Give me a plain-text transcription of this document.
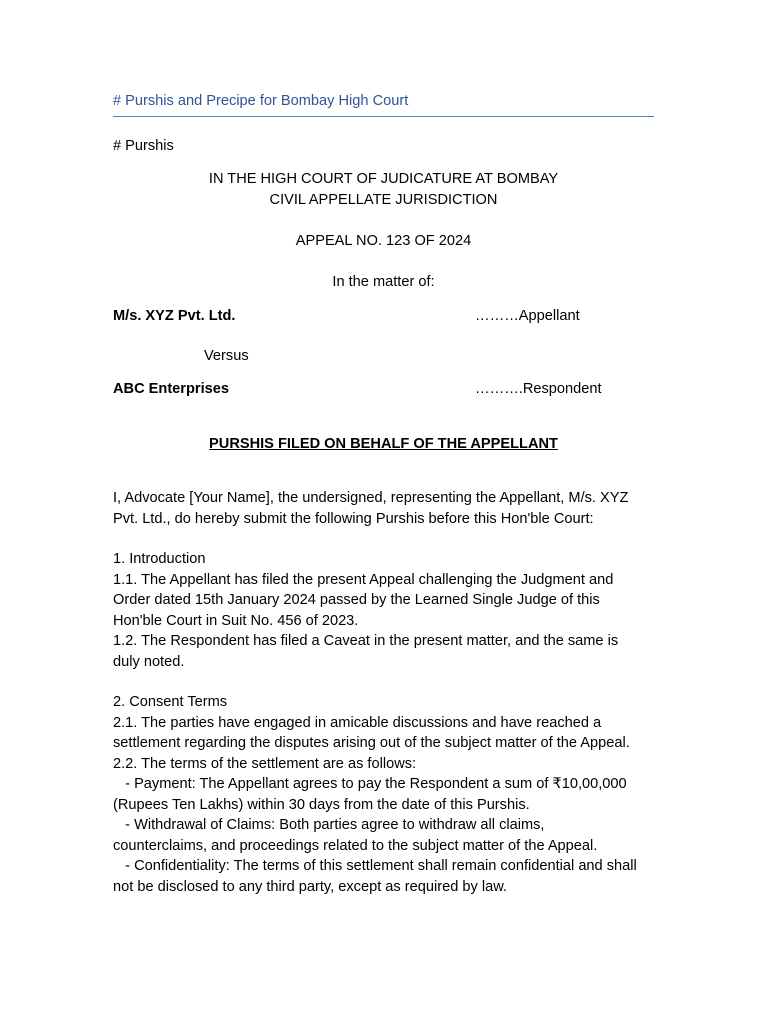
# Purshis and Precipe for Bombay High Court
# Purshis
IN THE HIGH COURT OF JUDICATURE AT BOMBAY
CIVIL APPELLATE JURISDICTION
APPEAL NO. 123 OF 2024
In the matter of:
M/s. XYZ Pvt. Ltd.	………Appellant
Versus
ABC Enterprises	……….Respondent
PURSHIS FILED ON BEHALF OF THE APPELLANT
I, Advocate [Your Name], the undersigned, representing the Appellant, M/s. XYZ
Pvt. Ltd., do hereby submit the following Purshis before this Hon'ble Court:
1. Introduction
1.1. The Appellant has filed the present Appeal challenging the Judgment and
Order dated 15th January 2024 passed by the Learned Single Judge of this
Hon'ble Court in Suit No. 456 of 2023.
1.2. The Respondent has filed a Caveat in the present matter, and the same is
duly noted.
2. Consent Terms
2.1. The parties have engaged in amicable discussions and have reached a
settlement regarding the disputes arising out of the subject matter of the Appeal.
2.2. The terms of the settlement are as follows:
- Payment: The Appellant agrees to pay the Respondent a sum of ₹10,00,000
(Rupees Ten Lakhs) within 30 days from the date of this Purshis.
- Withdrawal of Claims: Both parties agree to withdraw all claims,
counterclaims, and proceedings related to the subject matter of the Appeal.
- Confidentiality: The terms of this settlement shall remain confidential and shall
not be disclosed to any third party, except as required by law.
